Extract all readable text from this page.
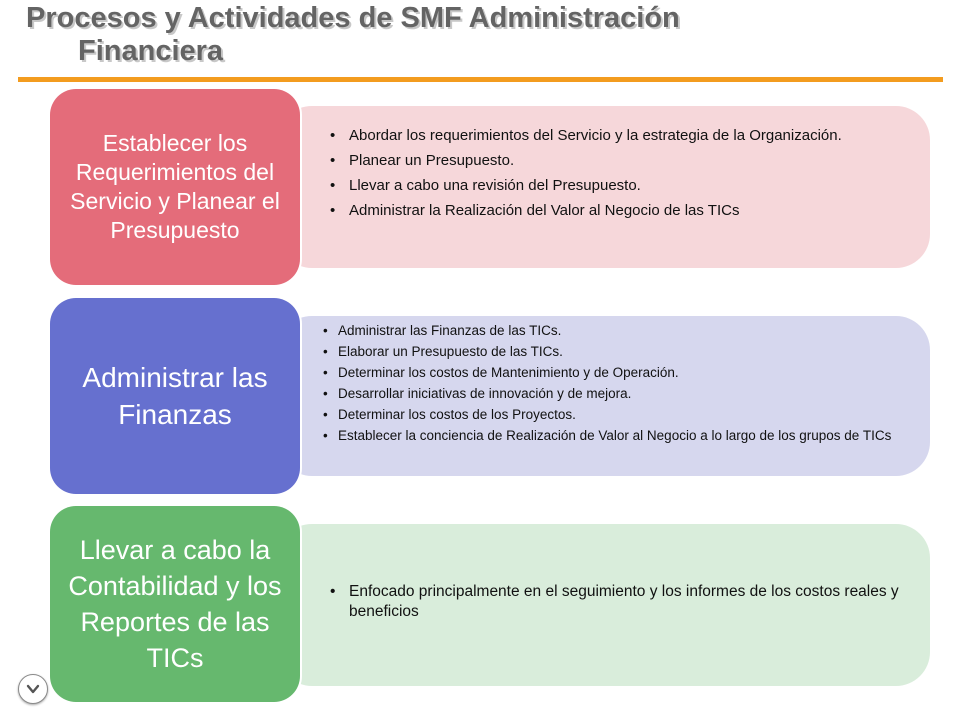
Procesos y Actividades de SMF Administración

Financiera
• Abordar los requerimientos del Servicio y la estrategia de la Organización.
• Planear un Presupuesto.
• Llevar a cabo una revisión del Presupuesto.
• Administrar la Realización del Valor al Negocio de las TICs
Establecer los Requerimientos del Servicio y Planear el Presupuesto
• Administrar las Finanzas de las TICs.
• Elaborar un Presupuesto de las TICs.
• Determinar los costos de Mantenimiento y de Operación.
• Desarrollar iniciativas de innovación y de mejora.
• Determinar los costos de los Proyectos.
• Establecer la conciencia de Realización de Valor al Negocio a lo largo de los grupos de TICs
Administrar las Finanzas
• Enfocado principalmente en el seguimiento y los informes de los costos reales y beneficios
Llevar a cabo la Contabilidad y los Reportes de las TICs
